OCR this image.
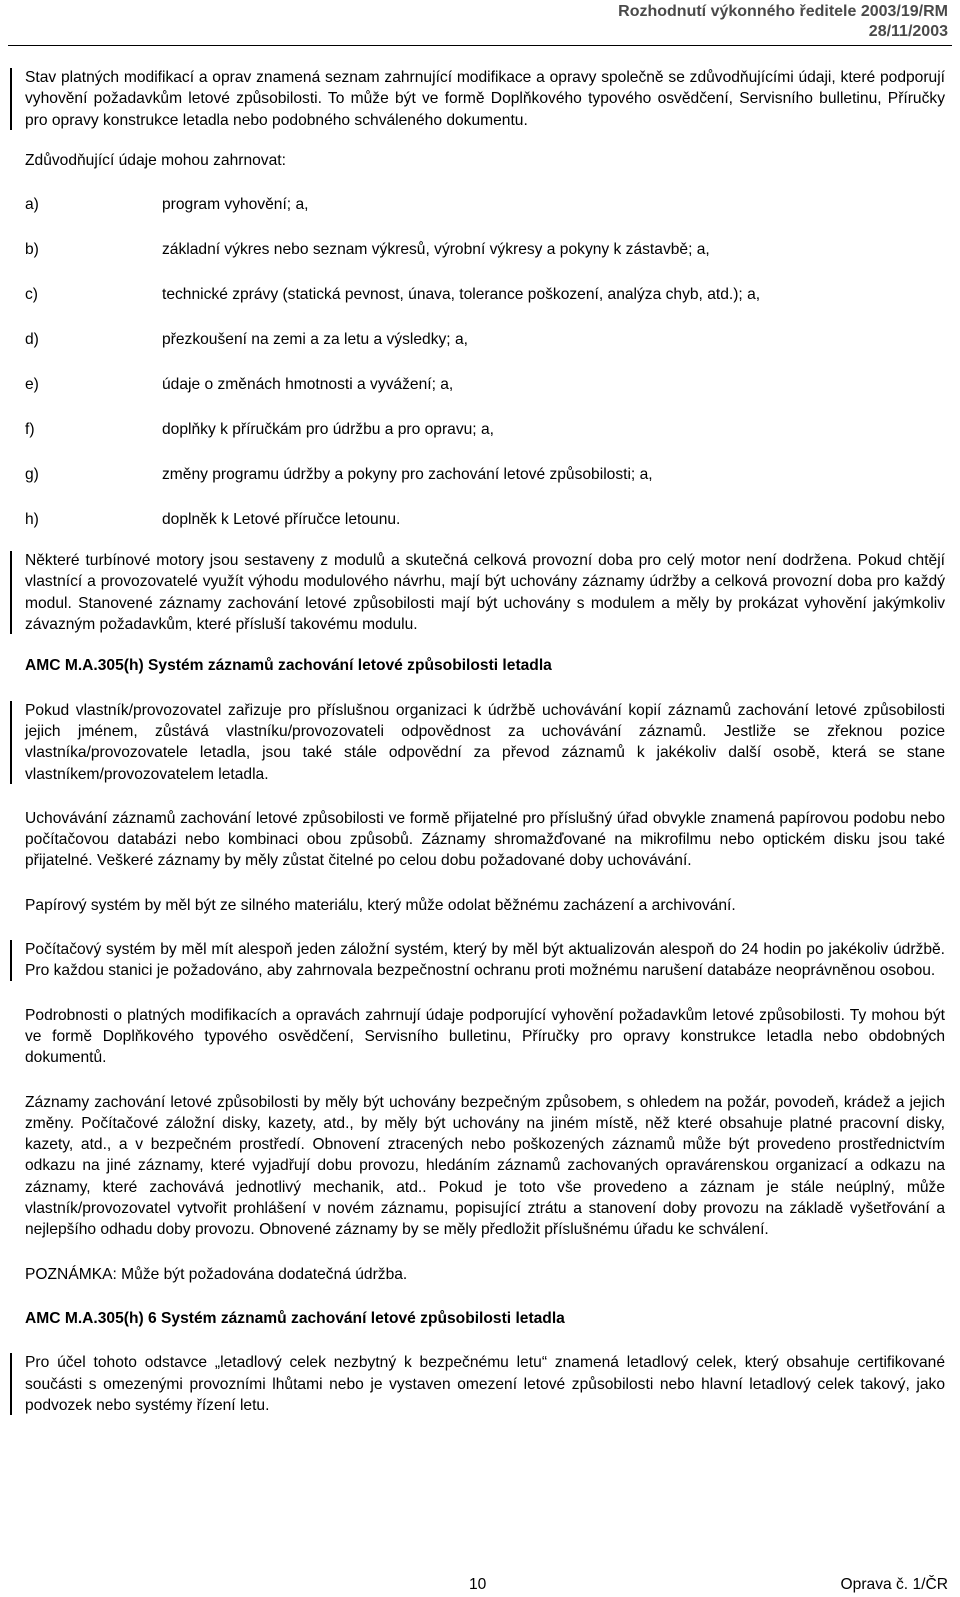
Rozhodnutí výkonného ředitele 2003/19/RM
28/11/2003

Stav platných modifikací a oprav znamená seznam zahrnující modifikace a opravy společně se zdůvodňujícími údaji, které podporují vyhovění požadavkům letové způsobilosti. To může být ve formě Doplňkového typového osvědčení, Servisního bulletinu, Příručky pro opravy konstrukce letadla nebo podobného schváleného dokumentu.

Zdůvodňující údaje mohou zahrnovat:

a)	program vyhovění; a,
b)	základní výkres nebo seznam výkresů, výrobní výkresy a pokyny k zástavbě; a,
c)	technické zprávy (statická pevnost, únava, tolerance poškození, analýza chyb, atd.); a,
d)	přezkoušení na zemi a za letu a výsledky; a,
e)	údaje o změnách hmotnosti a vyvážení; a,
f)	doplňky k příručkám pro údržbu a pro opravu; a,
g)	změny programu údržby a pokyny pro zachování letové způsobilosti; a,
h)	doplněk k Letové příručce letounu.

Některé turbínové motory jsou sestaveny z modulů a skutečná celková provozní doba pro celý motor není dodržena. Pokud chtějí vlastnící a provozovatelé využít výhodu modulového návrhu, mají být uchovány záznamy údržby a celková provozní doba pro každý modul. Stanovené záznamy zachování letové způsobilosti mají být uchovány s modulem a měly by prokázat vyhovění jakýmkoliv závazným požadavkům, které přísluší takovému modulu.

AMC M.A.305(h) Systém záznamů zachování letové způsobilosti letadla

Pokud vlastník/provozovatel zařizuje pro příslušnou organizaci k údržbě uchovávání kopií záznamů zachování letové způsobilosti jejich jménem, zůstává vlastníku/provozovateli odpovědnost za uchovávání záznamů. Jestliže se zřeknou pozice vlastníka/provozovatele letadla, jsou také stále odpovědní za převod záznamů k jakékoliv další osobě, která se stane vlastníkem/provozovatelem letadla.

Uchovávání záznamů zachování letové způsobilosti ve formě přijatelné pro příslušný úřad obvykle znamená papírovou podobu nebo počítačovou databázi nebo kombinaci obou způsobů. Záznamy shromažďované na mikrofilmu nebo optickém disku jsou také přijatelné. Veškeré záznamy by měly zůstat čitelné po celou dobu požadované doby uchovávání.

Papírový systém by měl být ze silného materiálu, který může odolat běžnému zacházení a archivování.

Počítačový systém by měl mít alespoň jeden záložní systém, který by měl být aktualizován alespoň do 24 hodin po jakékoliv údržbě. Pro každou stanici je požadováno, aby zahrnovala bezpečnostní ochranu proti možnému narušení databáze neoprávněnou osobou.

Podrobnosti o platných modifikacích a opravách zahrnují údaje podporující vyhovění požadavkům letové způsobilosti. Ty mohou být ve formě Doplňkového typového osvědčení, Servisního bulletinu, Příručky pro opravy konstrukce letadla nebo obdobných dokumentů.

Záznamy zachování letové způsobilosti by měly být uchovány bezpečným způsobem, s ohledem na požár, povodeň, krádež a jejich změny. Počítačové záložní disky, kazety, atd., by měly být uchovány na jiném místě, něž které obsahuje platné pracovní disky, kazety, atd., a v bezpečném prostředí. Obnovení ztracených nebo poškozených záznamů může být provedeno prostřednictvím odkazu na jiné záznamy, které vyjadřují dobu provozu, hledáním záznamů zachovaných opravárenskou organizací a odkazu na záznamy, které zachovává jednotlivý mechanik, atd.. Pokud je toto vše provedeno a záznam je stále neúplný, může vlastník/provozovatel vytvořit prohlášení v novém záznamu, popisující ztrátu a stanovení doby provozu na základě vyšetřování a nejlepšího odhadu doby provozu. Obnovené záznamy by se měly předložit příslušnému úřadu ke schválení.

POZNÁMKA: Může být požadována dodatečná údržba.

AMC M.A.305(h) 6 Systém záznamů zachování letové způsobilosti letadla

Pro účel tohoto odstavce „letadlový celek nezbytný k bezpečnému letu“ znamená letadlový celek, který obsahuje certifikované součásti s omezenými provozními lhůtami nebo je vystaven omezení letové způsobilosti nebo hlavní letadlový celek takový, jako podvozek nebo systémy řízení letu.

10	Oprava č. 1/ČR
